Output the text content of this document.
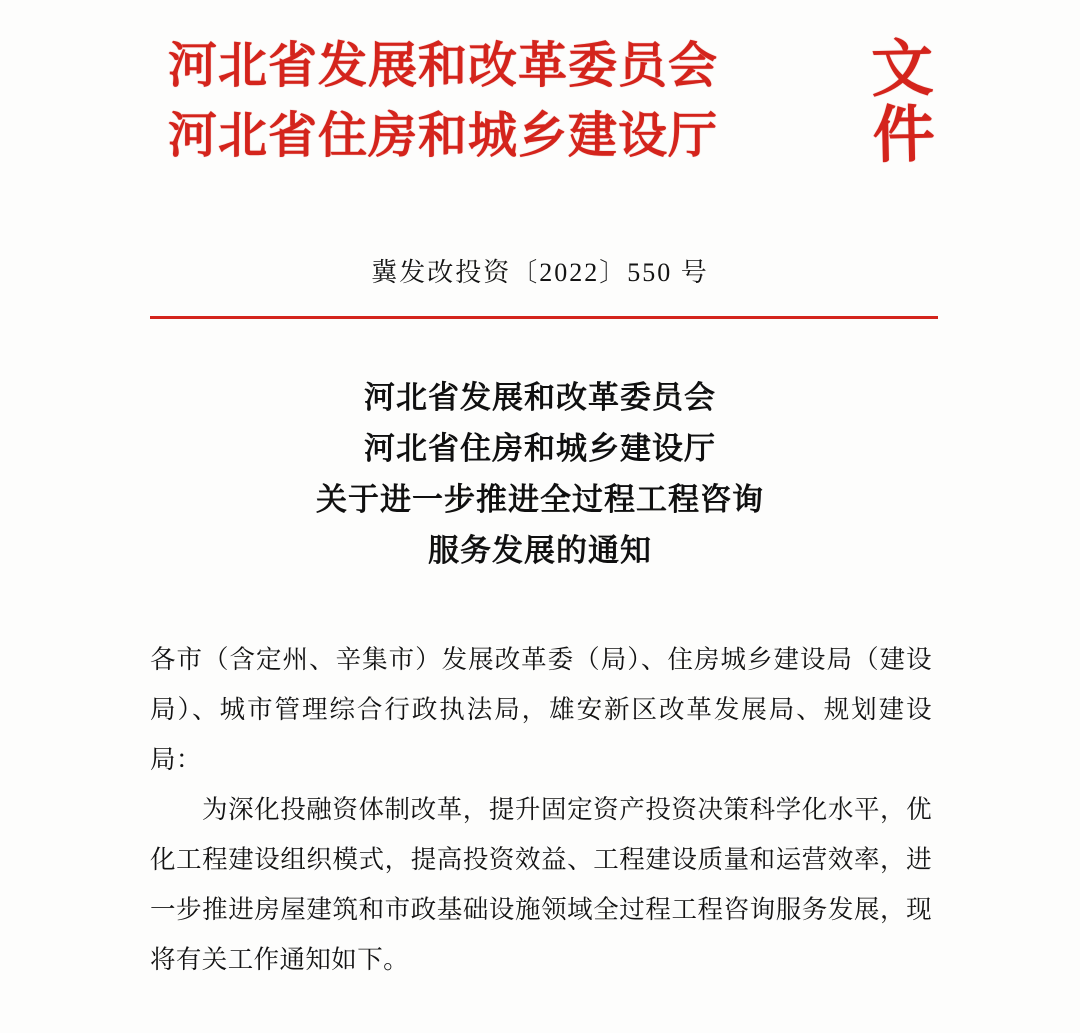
河北省发展和改革委员会
河北省住房和城乡建设厅
文件
冀发改投资〔2022〕550 号
河北省发展和改革委员会
河北省住房和城乡建设厅
关于进一步推进全过程工程咨询
服务发展的通知
各市（含定州、辛集市）发展改革委（局）、住房城乡建设局（建设局）、城市管理综合行政执法局，雄安新区改革发展局、规划建设局：
为深化投融资体制改革，提升固定资产投资决策科学化水平，优化工程建设组织模式，提高投资效益、工程建设质量和运营效率，进一步推进房屋建筑和市政基础设施领域全过程工程咨询服务发展，现将有关工作通知如下。
